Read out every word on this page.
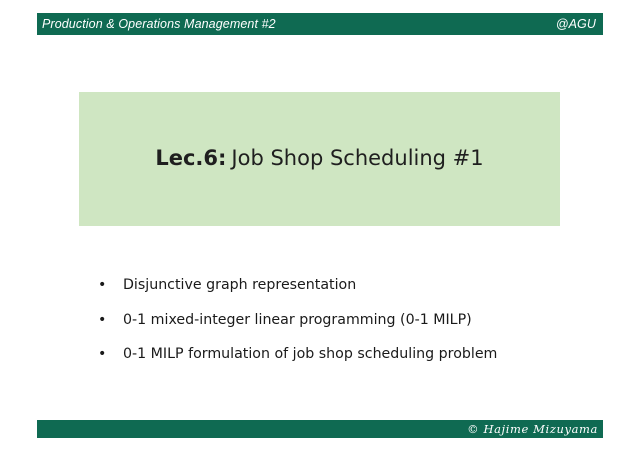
Production & Operations Management #2	@AGU
Lec.6: Job Shop Scheduling #1
•	Disjunctive graph representation
•	0-1 mixed-integer linear programming (0-1 MILP)
•	0-1 MILP formulation of job shop scheduling problem
© Hajime Mizuyama
